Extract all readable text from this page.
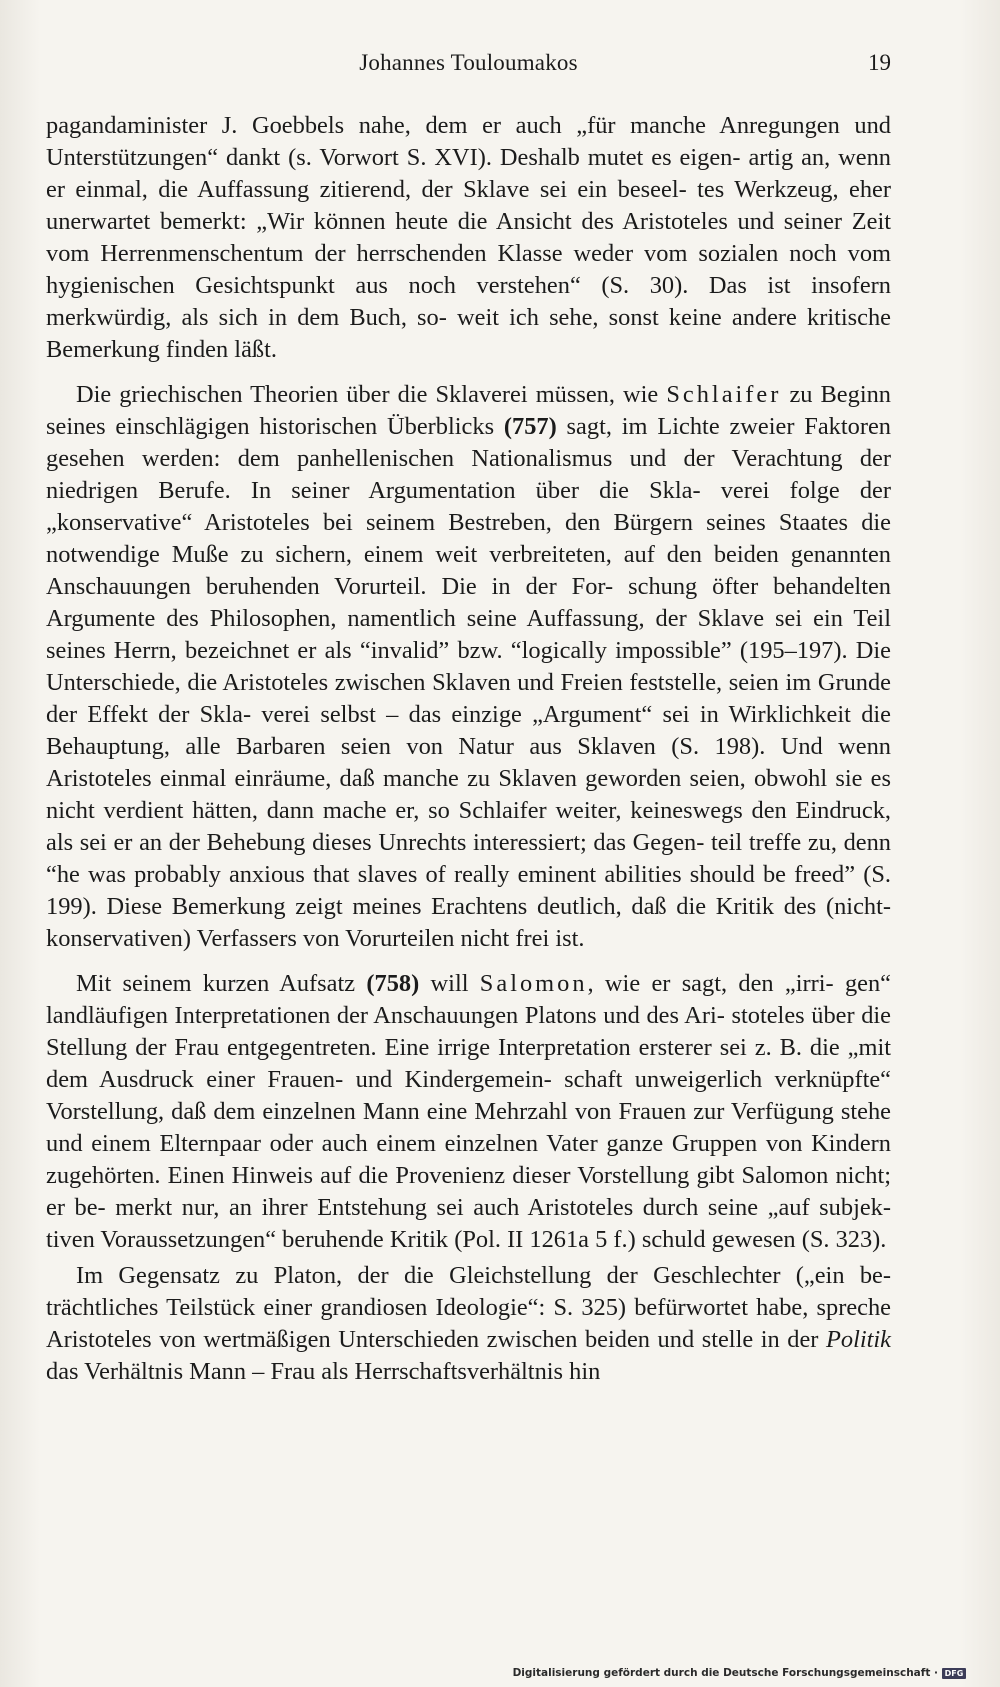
Johannes Touloumakos	19

pagandaminister J. Goebbels nahe, dem er auch „für manche Anregungen und Unterstützungen“ dankt (s. Vorwort S. XVI). Deshalb mutet es eigen- artig an, wenn er einmal, die Auffassung zitierend, der Sklave sei ein beseel- tes Werkzeug, eher unerwartet bemerkt: „Wir können heute die Ansicht des Aristoteles und seiner Zeit vom Herrenmenschentum der herrschenden Klasse weder vom sozialen noch vom hygienischen Gesichtspunkt aus noch verstehen“ (S. 30). Das ist insofern merkwürdig, als sich in dem Buch, so- weit ich sehe, sonst keine andere kritische Bemerkung finden läßt.

Die griechischen Theorien über die Sklaverei müssen, wie Schlaifer zu Beginn seines einschlägigen historischen Überblicks (757) sagt, im Lichte zweier Faktoren gesehen werden: dem panhellenischen Nationalismus und der Verachtung der niedrigen Berufe. In seiner Argumentation über die Skla- verei folge der „konservative“ Aristoteles bei seinem Bestreben, den Bürgern seines Staates die notwendige Muße zu sichern, einem weit verbreiteten, auf den beiden genannten Anschauungen beruhenden Vorurteil. Die in der For- schung öfter behandelten Argumente des Philosophen, namentlich seine Auffassung, der Sklave sei ein Teil seines Herrn, bezeichnet er als “invalid” bzw. “logically impossible” (195–197). Die Unterschiede, die Aristoteles zwischen Sklaven und Freien feststelle, seien im Grunde der Effekt der Skla- verei selbst – das einzige „Argument“ sei in Wirklichkeit die Behauptung, alle Barbaren seien von Natur aus Sklaven (S. 198). Und wenn Aristoteles einmal einräume, daß manche zu Sklaven geworden seien, obwohl sie es nicht verdient hätten, dann mache er, so Schlaifer weiter, keineswegs den Eindruck, als sei er an der Behebung dieses Unrechts interessiert; das Gegen- teil treffe zu, denn “he was probably anxious that slaves of really eminent abilities should be freed” (S. 199). Diese Bemerkung zeigt meines Erachtens deutlich, daß die Kritik des (nicht-konservativen) Verfassers von Vorurteilen nicht frei ist.

Mit seinem kurzen Aufsatz (758) will Salomon, wie er sagt, den „irri- gen“ landläufigen Interpretationen der Anschauungen Platons und des Ari- stoteles über die Stellung der Frau entgegentreten. Eine irrige Interpretation ersterer sei z. B. die „mit dem Ausdruck einer Frauen- und Kindergemein- schaft unweigerlich verknüpfte“ Vorstellung, daß dem einzelnen Mann eine Mehrzahl von Frauen zur Verfügung stehe und einem Elternpaar oder auch einem einzelnen Vater ganze Gruppen von Kindern zugehörten. Einen Hinweis auf die Provenienz dieser Vorstellung gibt Salomon nicht; er be- merkt nur, an ihrer Entstehung sei auch Aristoteles durch seine „auf subjek- tiven Voraussetzungen“ beruhende Kritik (Pol. II 1261a 5 f.) schuld gewesen (S. 323).

Im Gegensatz zu Platon, der die Gleichstellung der Geschlechter („ein be- trächtliches Teilstück einer grandiosen Ideologie“: S. 325) befürwortet habe, spreche Aristoteles von wertmäßigen Unterschieden zwischen beiden und stelle in der Politik das Verhältnis Mann – Frau als Herrschaftsverhältnis hin

Digitalisierung gefördert durch die Deutsche Forschungsgemeinschaft · DFG
